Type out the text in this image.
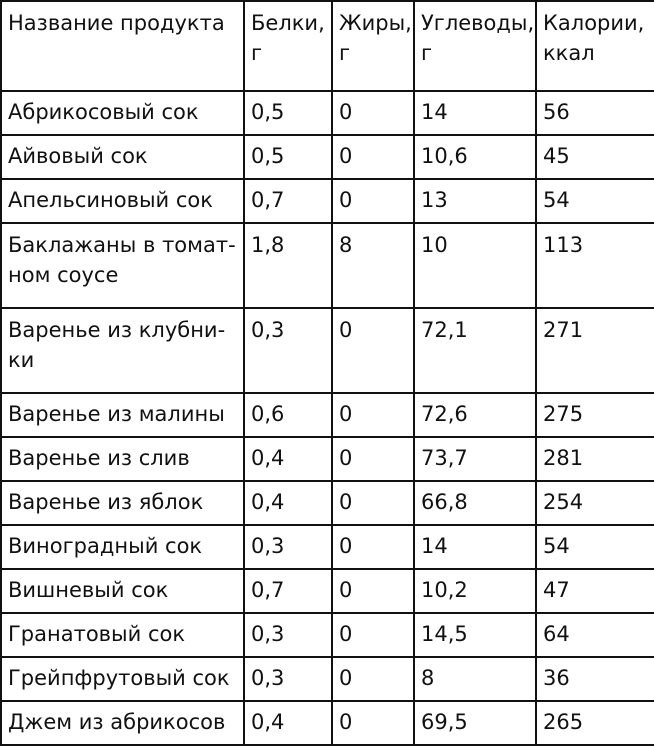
Название продукта	Белки, г	Жиры, г	Углеводы, г	Калории, ккал
Абрикосовый сок	0,5	0	14	56
Айвовый сок	0,5	0	10,6	45
Апельсиновый сок	0,7	0	13	54
Баклажаны в томат-
ном соусе	1,8	8	10	113
Варенье из клубни-
ки	0,3	0	72,1	271
Варенье из малины	0,6	0	72,6	275
Варенье из слив	0,4	0	73,7	281
Варенье из яблок	0,4	0	66,8	254
Виноградный сок	0,3	0	14	54
Вишневый сок	0,7	0	10,2	47
Гранатовый сок	0,3	0	14,5	64
Грейпфрутовый сок	0,3	0	8	36
Джем из абрикосов	0,4	0	69,5	265
